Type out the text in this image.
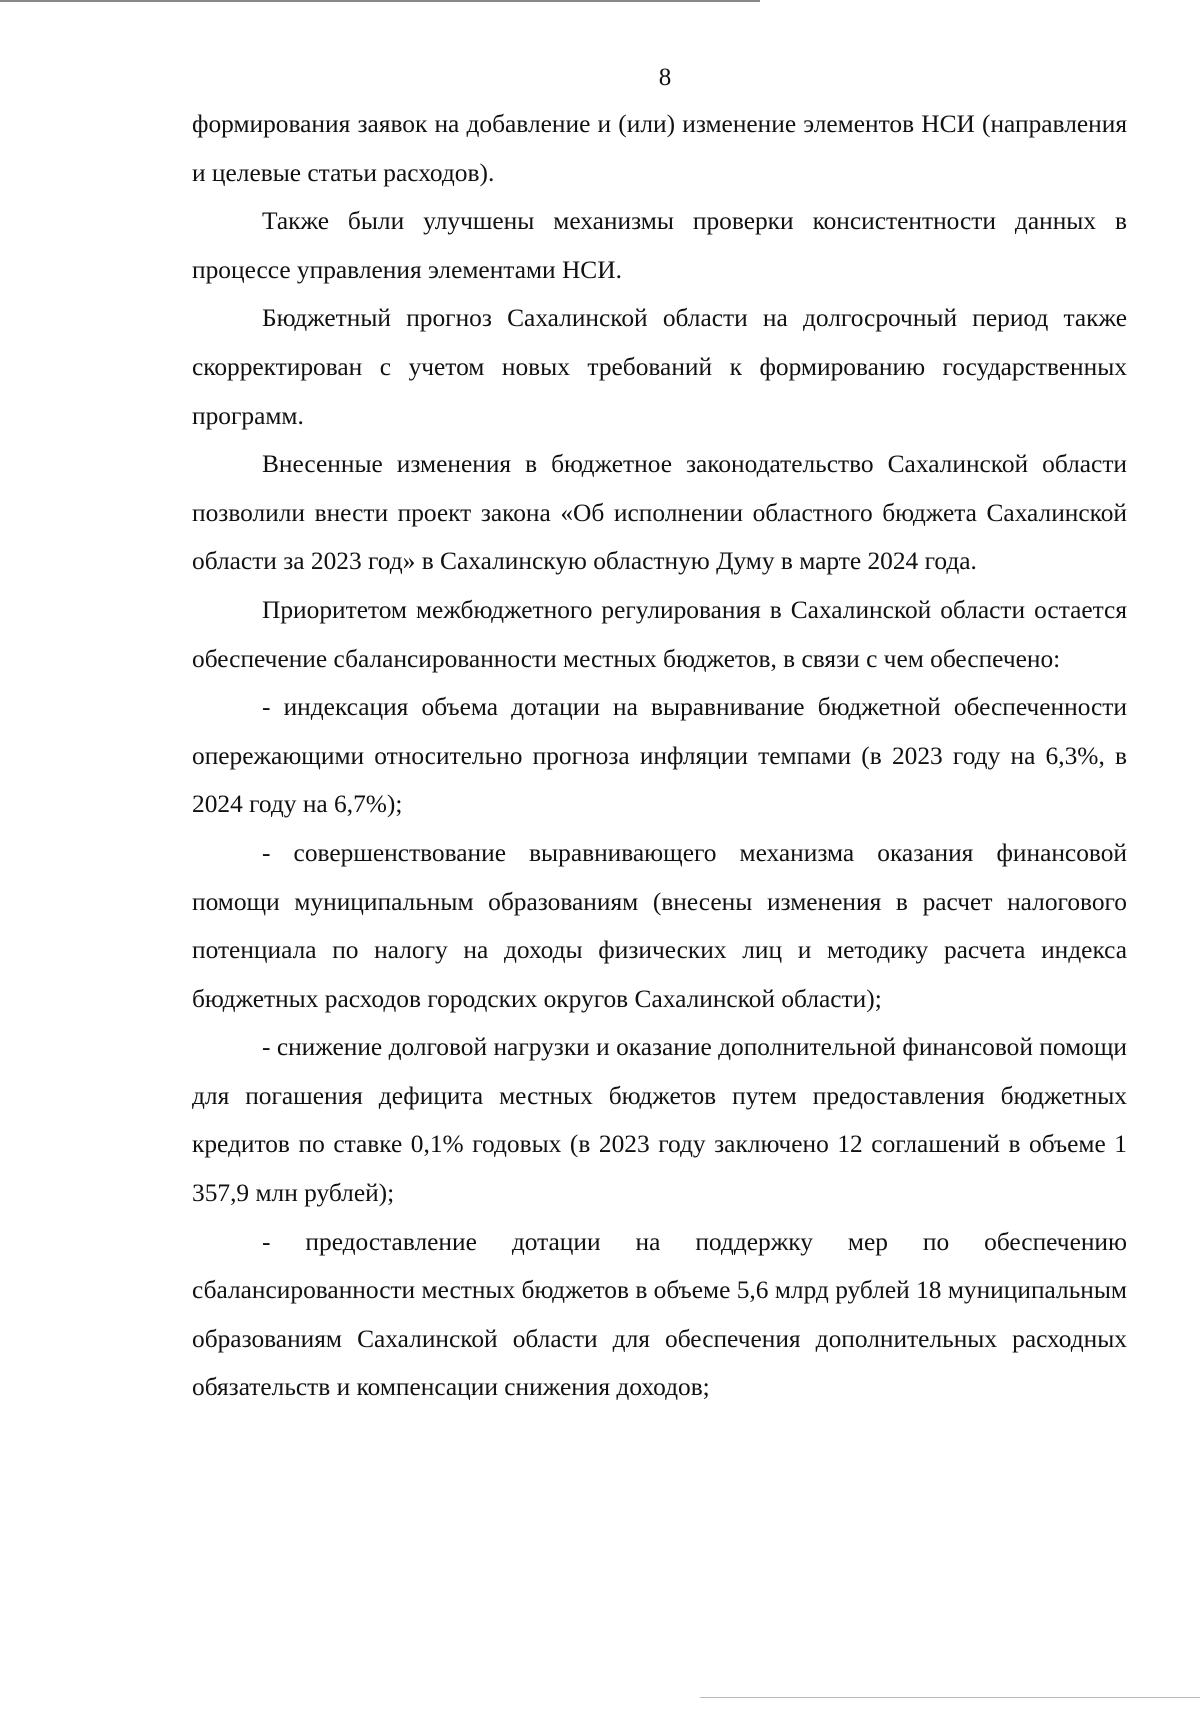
8

формирования заявок на добавление и (или) изменение элементов НСИ (направления и целевые статьи расходов).

Также были улучшены механизмы проверки консистентности данных в процессе управления элементами НСИ.

Бюджетный прогноз Сахалинской области на долгосрочный период также скорректирован с учетом новых требований к формированию государственных программ.

Внесенные изменения в бюджетное законодательство Сахалинской области позволили внести проект закона «Об исполнении областного бюджета Сахалинской области за 2023 год» в Сахалинскую областную Думу в марте 2024 года.

Приоритетом межбюджетного регулирования в Сахалинской области остается обеспечение сбалансированности местных бюджетов, в связи с чем обеспечено:

- индексация объема дотации на выравнивание бюджетной обеспеченности опережающими относительно прогноза инфляции темпами (в 2023 году на 6,3%, в 2024 году на 6,7%);

- совершенствование выравнивающего механизма оказания финансовой помощи муниципальным образованиям (внесены изменения в расчет налогового потенциала по налогу на доходы физических лиц и методику расчета индекса бюджетных расходов городских округов Сахалинской области);

- снижение долговой нагрузки и оказание дополнительной финансовой помощи для погашения дефицита местных бюджетов путем предоставления бюджетных кредитов по ставке 0,1% годовых (в 2023 году заключено 12 соглашений в объеме 1 357,9 млн рублей);

- предоставление дотации на поддержку мер по обеспечению сбалансированности местных бюджетов в объеме 5,6 млрд рублей 18 муниципальным образованиям Сахалинской области для обеспечения дополнительных расходных обязательств и компенсации снижения доходов;
